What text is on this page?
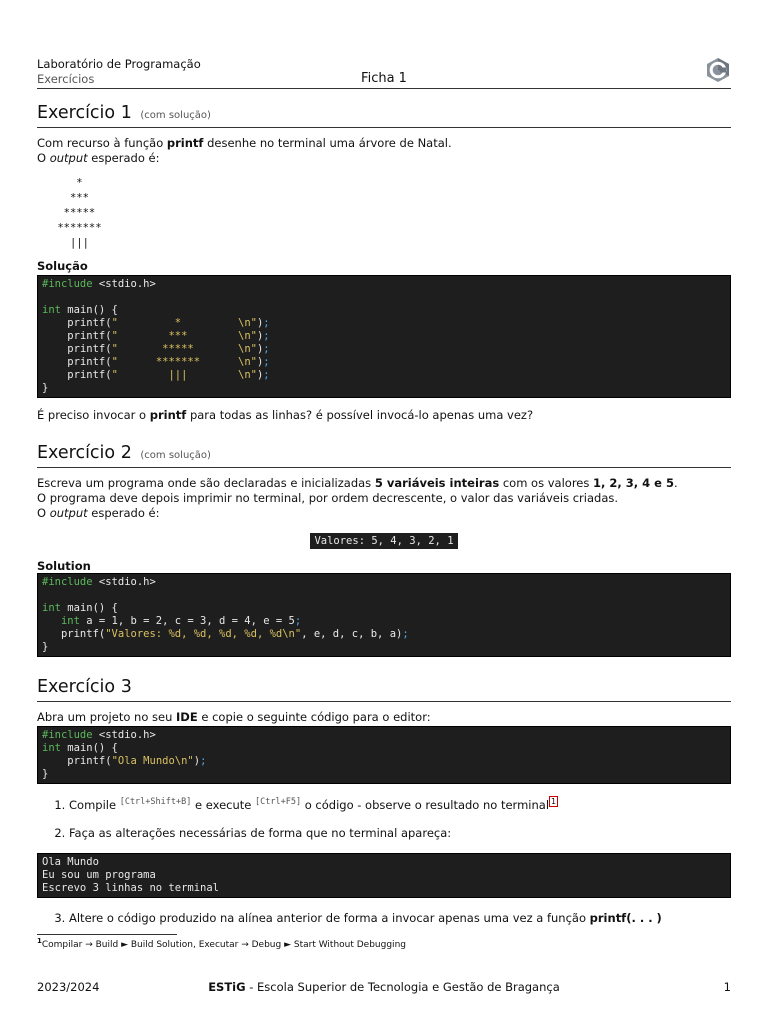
Laboratório de Programação
Exercícios	Ficha 1
Exercício 1 (com solução)

Com recurso à função printf desenhe no terminal uma árvore de Natal.

O output esperado é:

*
***
*****
*******
|||
Solução
#include <stdio.h>

int main() {
printf("         *         \n");
printf("        ***        \n");
printf("       *****       \n");
printf("      *******      \n");
printf("        |||        \n");
}

É preciso invocar o printf para todas as linhas? é possível invocá-lo apenas uma vez?

Exercício 2 (com solução)

Escreva um programa onde são declaradas e inicializadas 5 variáveis inteiras com os valores 1, 2, 3, 4 e 5.

O programa deve depois imprimir no terminal, por ordem decrescente, o valor das variáveis criadas.

O output esperado é:

Valores: 5, 4, 3, 2, 1
Solution
#include <stdio.h>

int main() {
int a = 1, b = 2, c = 3, d = 4, e = 5;
printf("Valores: %d, %d, %d, %d, %d\n", e, d, c, b, a);
}
Exercício 3

Abra um projeto no seu IDE e copie o seguinte código para o editor:

#include <stdio.h>
int main() {
printf("Ola Mundo\n");
}
1. Compile [Ctrl+Shift+B] e execute [Ctrl+F5] o código - observe o resultado no terminal 1
2. Faça as alterações necessárias de forma que no terminal apareça:
Ola Mundo
Eu sou um programa
Escrevo 3 linhas no terminal
3. Altere o código produzido na alínea anterior de forma a invocar apenas uma vez a função printf(. . . )
$^1$Compilar → Build ► Build Solution, Executar → Debug ► Start Without Debugging
2023/2024	ESTiG - Escola Superior de Tecnologia e Gestão de Bragança	1
